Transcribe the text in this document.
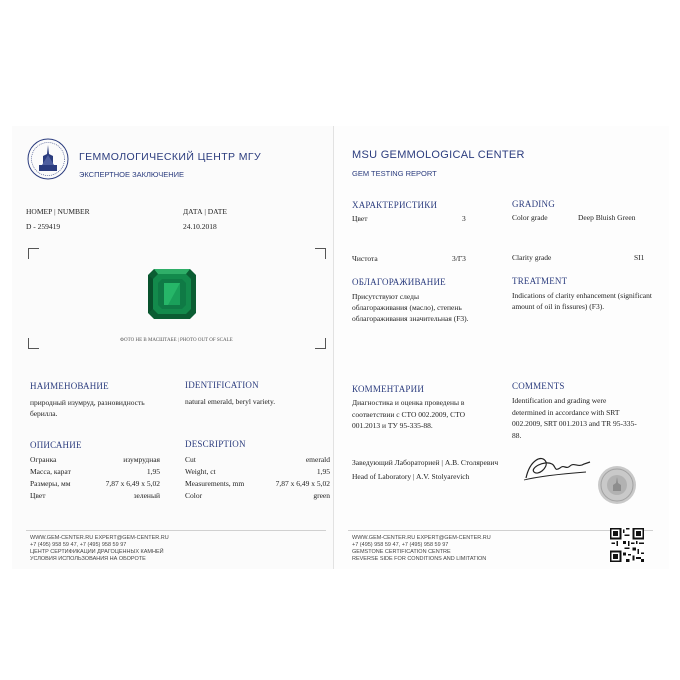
ГЕММОЛОГИЧЕСКИЙ ЦЕНТР МГУ
ЭКСПЕРТНОЕ ЗАКЛЮЧЕНИЕ
НОМЕР | NUMBER
D - 259419
ДАТА | DATE
24.10.2018
ФОТО НЕ В МАСШТАБЕ | PHOTO OUT OF SCALE
НАИМЕНОВАНИЕ
природный изумруд, разновидность берилла.
IDENTIFICATION
natural emerald, beryl variety.
ОПИСАНИЕ	DESCRIPTION
Огранка	изумрудная
Масса, карат	1,95
Размеры, мм	7,87 x 6,49 x 5,02
Цвет	зеленый
Cut	emerald
Weight, ct	1,95
Measurements, mm	7,87 x 6,49 x 5,02
Color	green
WWW.GEM-CENTER.RU EXPERT@GEM-CENTER.RU
+7 (495) 958 59 47, +7 (495) 958 59 97
ЦЕНТР СЕРТИФИКАЦИИ ДРАГОЦЕННЫХ КАМНЕЙ
УСЛОВИЯ ИСПОЛЬЗОВАНИЯ НА ОБОРОТЕ
MSU GEMMOLOGICAL CENTER
GEM TESTING REPORT
ХАРАКТЕРИСТИКИ	GRADING
Цвет	3	Color grade	Deep Bluish Green
Чистота	3/Г3	Clarity grade	SI1
ОБЛАГОРАЖИВАНИЕ
Присутствуют следы облагораживания (масло), степень облагораживания значительная (F3).
TREATMENT
Indications of clarity enhancement (significant amount of oil in fissures) (F3).
КОММЕНТАРИИ
Диагностика и оценка проведены в соответствии с СТО 002.2009, СТО 001.2013 и ТУ 95-335-88.
COMMENTS
Identification and grading were determined in accordance with SRT 002.2009, SRT 001.2013 and TR 95-335-88.
Заведующий Лабораторией | А.В. Столяревич
Head of Laboratory | A.V. Stolyarevich
WWW.GEM-CENTER.RU EXPERT@GEM-CENTER.RU
+7 (495) 958 59 47, +7 (495) 958 59 97
GEMSTONE CERTIFICATION CENTRE
REVERSE SIDE FOR CONDITIONS AND LIMITATION
